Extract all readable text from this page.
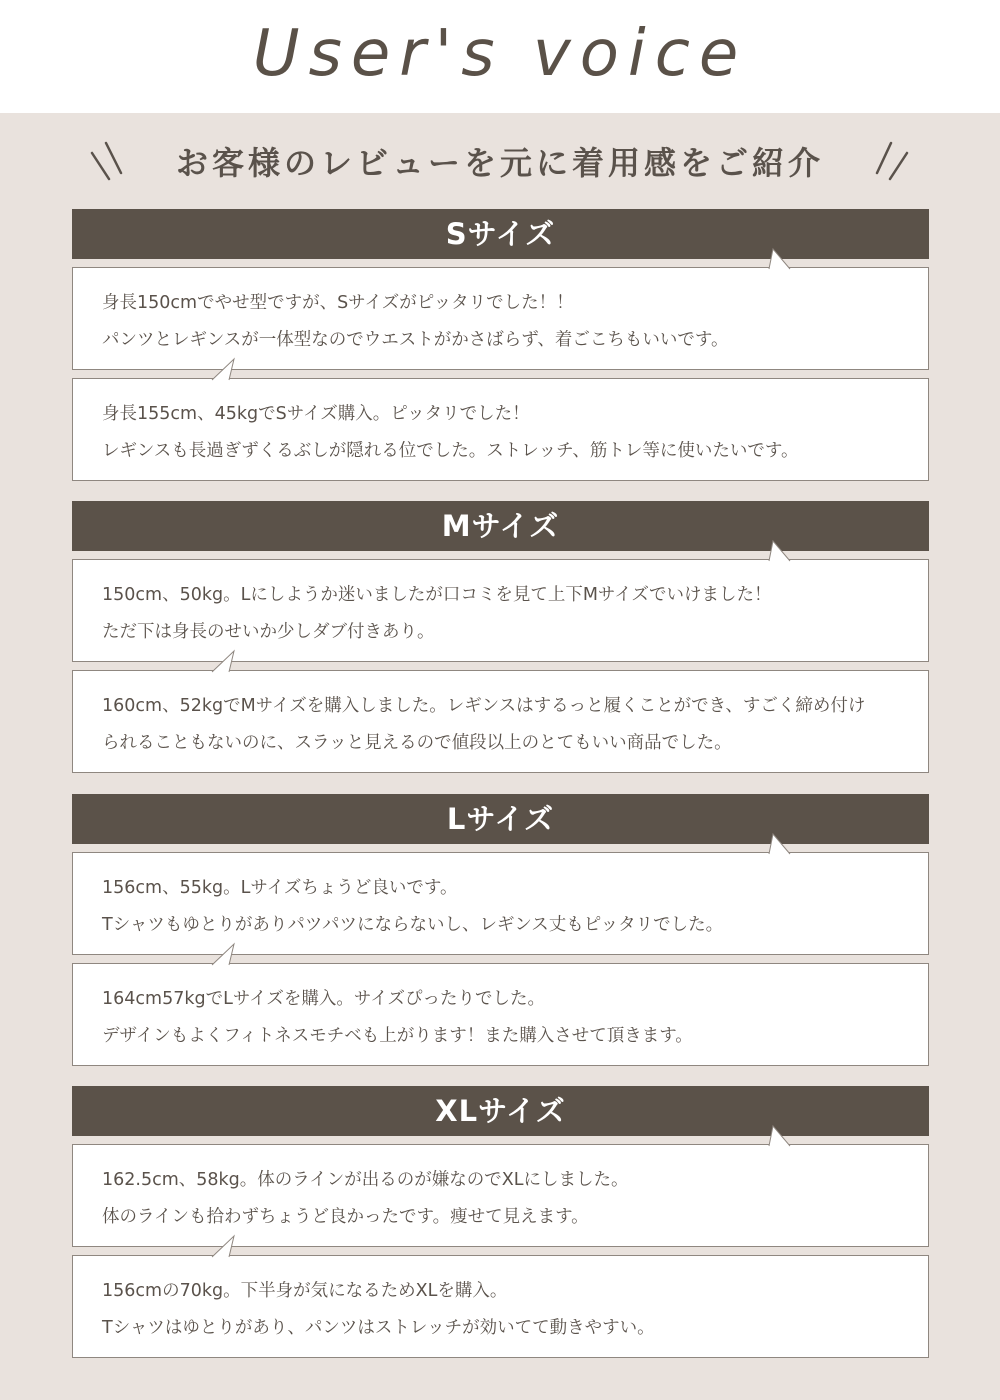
User's voice
お客様のレビューを元に着用感をご紹介
Sサイズ
身長150cmでやせ型ですが、Sサイズがピッタリでした！！
パンツとレギンスが一体型なのでウエストがかさばらず、着ごこちもいいです。
身長155cm、45kgでSサイズ購入。ピッタリでした！
レギンスも長過ぎずくるぶしが隠れる位でした。ストレッチ、筋トレ等に使いたいです。
Mサイズ
150cm、50kg。Lにしようか迷いましたが口コミを見て上下Mサイズでいけました！
ただ下は身長のせいか少しダブ付きあり。
160cm、52kgでMサイズを購入しました。レギンスはするっと履くことができ、すごく締め付け
られることもないのに、スラッと見えるので値段以上のとてもいい商品でした。
Lサイズ
156cm、55kg。Lサイズちょうど良いです。
Tシャツもゆとりがありパツパツにならないし、レギンス丈もピッタリでした。
164cm57kgでLサイズを購入。サイズぴったりでした。
デザインもよくフィトネスモチベも上がります！また購入させて頂きます。
XLサイズ
162.5cm、58kg。体のラインが出るのが嫌なのでXLにしました。
体のラインも拾わずちょうど良かったです。痩せて見えます。
156cmの70kg。下半身が気になるためXLを購入。
Tシャツはゆとりがあり、パンツはストレッチが効いてて動きやすい。
